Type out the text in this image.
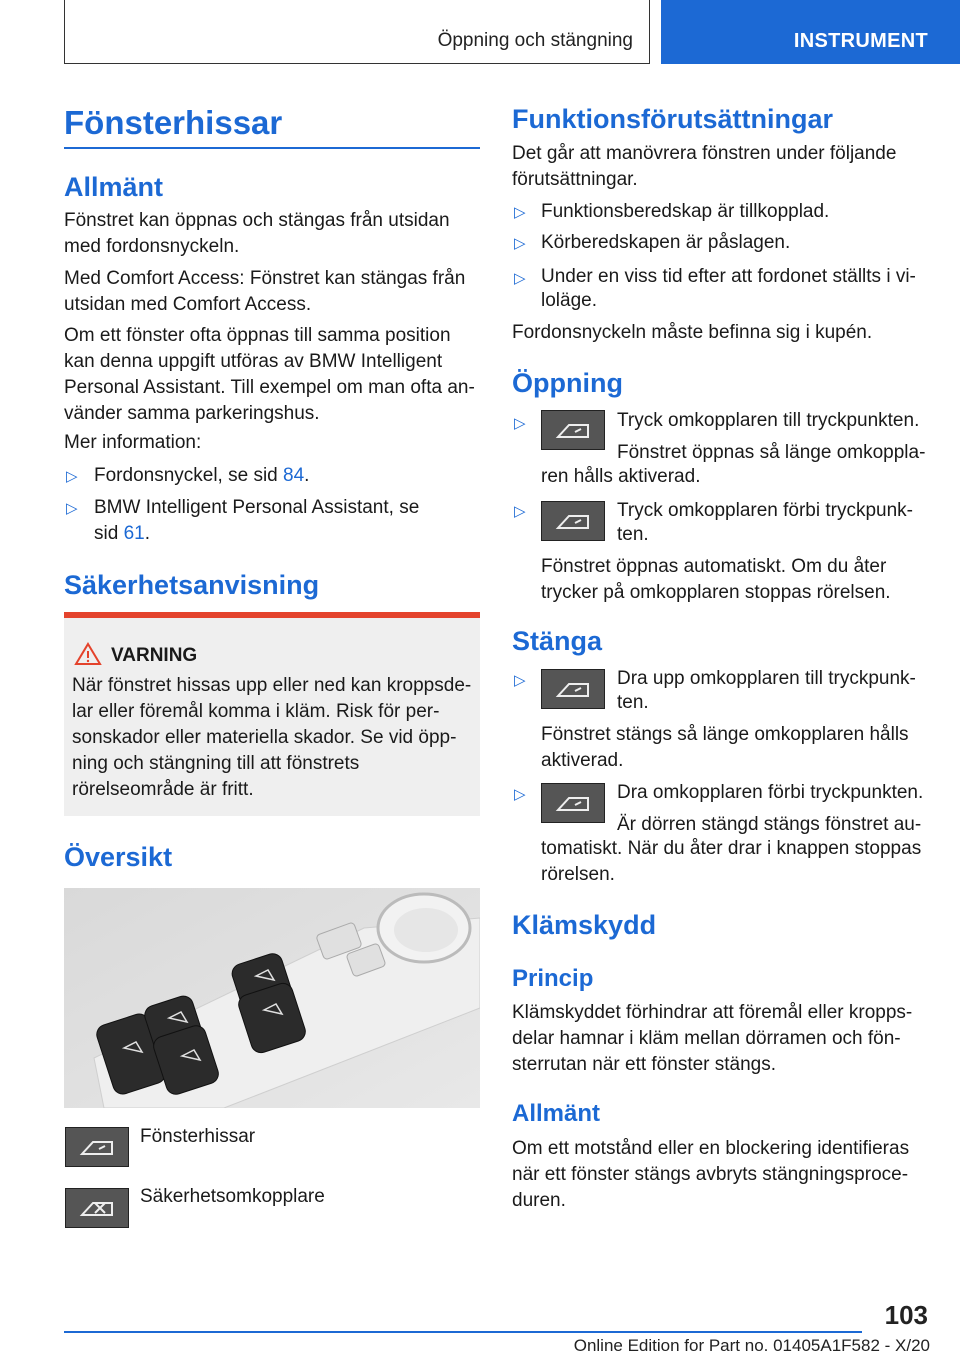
Öppning och stängning	INSTRUMENT
Fönsterhissar
Allmänt

Fönstret kan öppnas och stängas från utsidan med fordonsnyckeln.

Med Comfort Access: Fönstret kan stängas från utsidan med Comfort Access.

Om ett fönster ofta öppnas till samma position

kan denna uppgift utföras av BMW Intelligent

Personal Assistant. Till exempel om man ofta an-

vänder samma parkeringshus.

Mer information:

▷ Fordonsnyckel, se sid 84.

▷ BMW Intelligent Personal Assistant, se

sid 61.

Säkerhetsanvisning
VARNING

När fönstret hissas upp eller ned kan kroppsde-

lar eller föremål komma i kläm. Risk för per-

sonskador eller materiella skador. Se vid öpp-

ning och stängning till att fönstrets

rörelseområde är fritt.

Översikt
Fönsterhissar
Säkerhetsomkopplare
Funktionsförutsättningar

Det går att manövrera fönstren under följande

förutsättningar.

▷ Funktionsberedskap är tillkopplad.

▷ Körberedskapen är påslagen.

▷ Under en viss tid efter att fordonet ställts i vi-

loläge.

Fordonsnyckeln måste befinna sig i kupén.

Öppning
▷	Tryck omkopplaren till tryckpunkten.

Fönstret öppnas så länge omkoppla-

ren hålls aktiverad.

▷	Tryck omkopplaren förbi tryckpunk-

ten.

Fönstret öppnas automatiskt. Om du åter

trycker på omkopplaren stoppas rörelsen.

Stänga
▷	Dra upp omkopplaren till tryckpunk-

ten.

Fönstret stängs så länge omkopplaren hålls

aktiverad.

▷	Dra omkopplaren förbi tryckpunkten.

Är dörren stängd stängs fönstret au-

tomatiskt. När du åter drar i knappen stoppas

rörelsen.

Klämskydd
Princip

Klämskyddet förhindrar att föremål eller kropps-

delar hamnar i kläm mellan dörramen och fön-

sterrutan när ett fönster stängs.

Allmänt

Om ett motstånd eller en blockering identifieras

när ett fönster stängs avbryts stängningsproce-

duren.

103
Online Edition for Part no. 01405A1F582 - X/20
